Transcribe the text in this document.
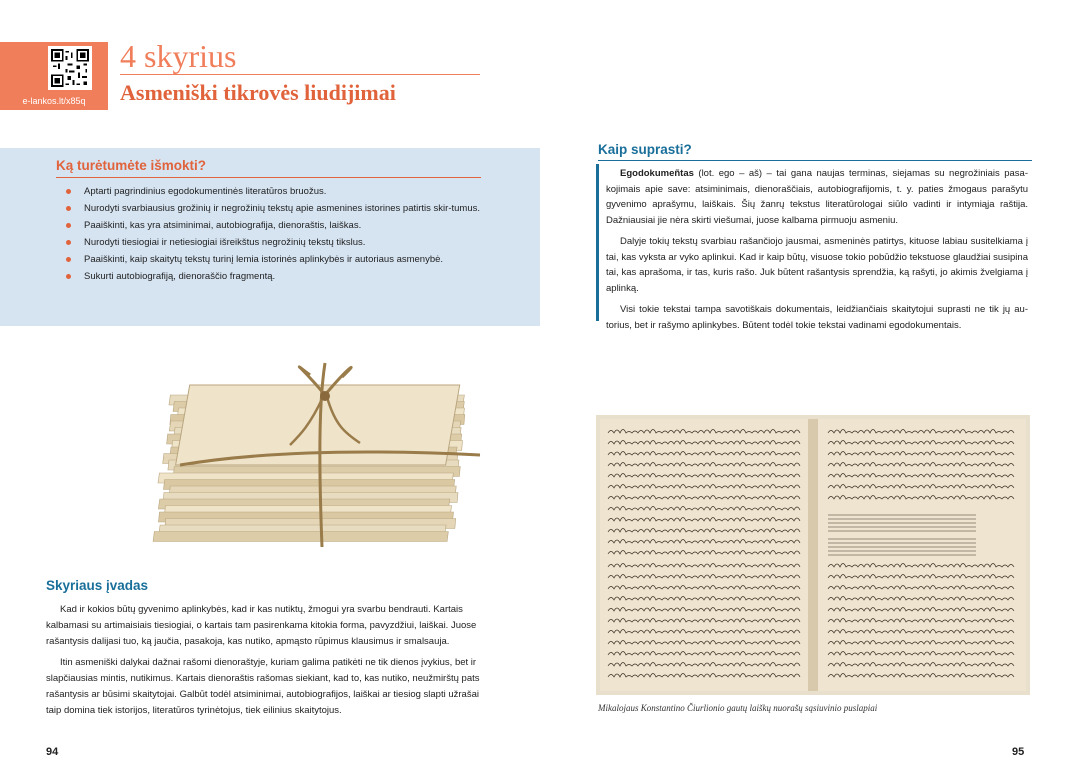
e-lankos.lt/x85q
4 skyrius
Asmeniški tikrovės liudijimai
Ką turėtumėte išmokti?
Aptarti pagrindinius egodokumentinės literatūros bruožus.
Nurodyti svarbiausius grožinių ir negrožinių tekstų apie asmenines istorines patirtis skir-tumus.
Paaiškinti, kas yra atsiminimai, autobiografija, dienoraštis, laiškas.
Nurodyti tiesiogiai ir netiesiogiai išreikštus negrožinių tekstų tikslus.
Paaiškinti, kaip skaitytų tekstų turinį lemia istorinės aplinkybės ir autoriaus asmenybė.
Sukurti autobiografiją, dienoraščio fragmentą.
Kaip suprasti?

Egodokumeñtas (lot. ego – aš) – tai gana naujas terminas, siejamas su negrožiniais pasa-kojimais apie save: atsiminimais, dienoraščiais, autobiografijomis, t. y. paties žmogaus parašytu gyvenimo aprašymu, laiškais. Šių žanrų tekstus literatūrologai siūlo vadinti ir intymiąja raštija. Dažniausiai jie nėra skirti viešumai, juose kalbama pirmuoju asmeniu.

Dalyje tokių tekstų svarbiau rašančiojo jausmai, asmeninės patirtys, kituose labiau susitelkiama į tai, kas vyksta ar vyko aplinkui. Kad ir kaip būtų, visuose tokio pobūdžio tekstuose glaudžiai susipina tai, kas aprašoma, ir tas, kuris rašo. Juk būtent rašantysis sprendžia, ką rašyti, jo akimis žvelgiama į aplinką.

Visi tokie tekstai tampa savotiškais dokumentais, leidžiančiais skaitytojui suprasti ne tik jų au-torius, bet ir rašymo aplinkybes. Būtent todėl tokie tekstai vadinami egodokumentais.

Skyriaus įvadas

Kad ir kokios būtų gyvenimo aplinkybės, kad ir kas nutiktų, žmogui yra svarbu bendrauti. Kartais kalbamasi su artimaisiais tiesiogiai, o kartais tam pasirenkama kitokia forma, pavyzdžiui, laiškai. Juose rašantysis dalijasi tuo, ką jaučia, pasakoja, kas nutiko, apmąsto rūpimus klausimus ir smalsauja.

Itin asmeniški dalykai dažnai rašomi dienoraštyje, kuriam galima patikėti ne tik dienos įvykius, bet ir slapčiausias mintis, nutikimus. Kartais dienoraštis rašomas siekiant, kad to, kas nutiko, neužmirštų pats rašantysis ar būsimi skaitytojai. Galbūt todėl atsiminimai, autobiografijos, laiškai ar tiesiog slapti užrašai taip domina tiek istorijos, literatūros tyrinėtojus, tiek eilinius skaitytojus.	Mikalojaus Konstantino Čiurlionio gautų laiškų nuorašų sąsiuvinio puslapiai
94	95
